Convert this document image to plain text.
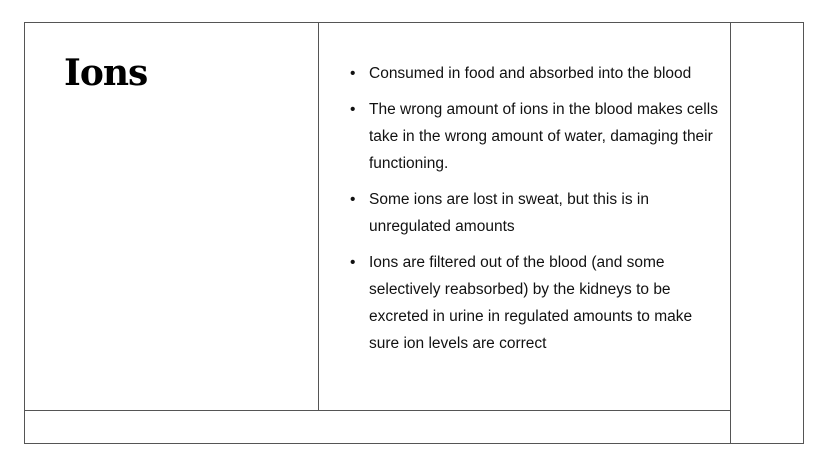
Ions	• Consumed in food and absorbed into the blood
• The wrong amount of ions in the blood makes cells take in the wrong amount of water, damaging their functioning.
• Some ions are lost in sweat, but this is in unregulated amounts
• Ions are filtered out of the blood (and some selectively reabsorbed) by the kidneys to be excreted in urine in regulated amounts to make sure ion levels are correct
